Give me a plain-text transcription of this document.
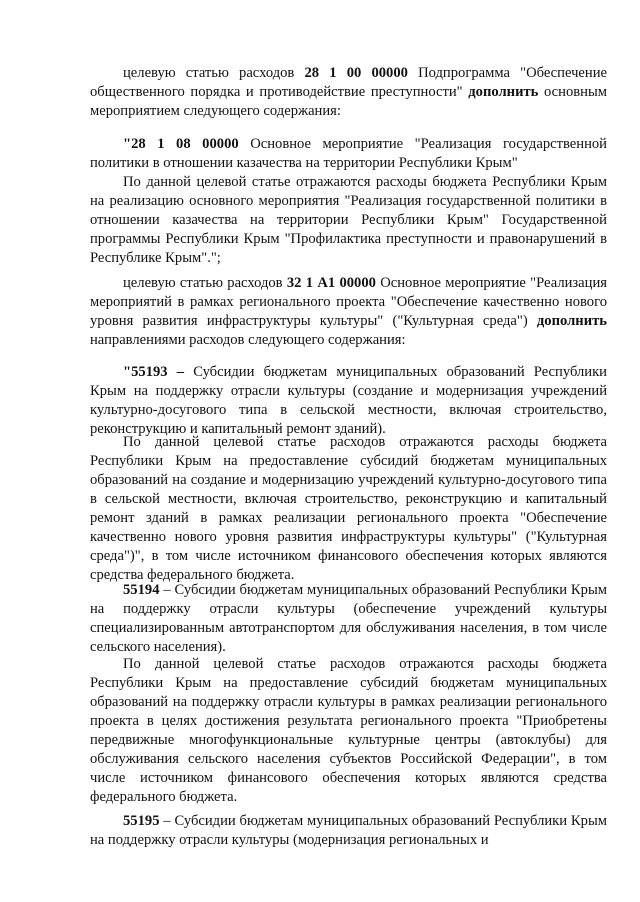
целевую статью расходов 28 1 00 00000 Подпрограмма "Обеспечение общественного порядка и противодействие преступности" дополнить основным мероприятием следующего содержания:

"28 1 08 00000 Основное мероприятие "Реализация государственной политики в отношении казачества на территории Республики Крым"

По данной целевой статье отражаются расходы бюджета Республики Крым на реализацию основного мероприятия "Реализация государственной политики в отношении казачества на территории Республики Крым" Государственной программы Республики Крым "Профилактика преступности и правонарушений в Республике Крым".";

целевую статью расходов 32 1 А1 00000 Основное мероприятие "Реализация мероприятий в рамках регионального проекта "Обеспечение качественно нового уровня развития инфраструктуры культуры" ("Культурная среда") дополнить направлениями расходов следующего содержания:

"55193 – Субсидии бюджетам муниципальных образований Республики Крым на поддержку отрасли культуры (создание и модернизация учреждений культурно-досугового типа в сельской местности, включая строительство, реконструкцию и капитальный ремонт зданий).

По данной целевой статье расходов отражаются расходы бюджета Республики Крым на предоставление субсидий бюджетам муниципальных образований на создание и модернизацию учреждений культурно-досугового типа в сельской местности, включая строительство, реконструкцию и капитальный ремонт зданий в рамках реализации регионального проекта "Обеспечение качественно нового уровня развития инфраструктуры культуры" ("Культурная среда")", в том числе источником финансового обеспечения которых являются средства федерального бюджета.

55194 – Субсидии бюджетам муниципальных образований Республики Крым на поддержку отрасли культуры (обеспечение учреждений культуры специализированным автотранспортом для обслуживания населения, в том числе сельского населения).

По данной целевой статье расходов отражаются расходы бюджета Республики Крым на предоставление субсидий бюджетам муниципальных образований на поддержку отрасли культуры в рамках реализации регионального проекта в целях достижения результата регионального проекта "Приобретены передвижные многофункциональные культурные центры (автоклубы) для обслуживания сельского населения субъектов Российской Федерации", в том числе источником финансового обеспечения которых являются средства федерального бюджета.

55195 – Субсидии бюджетам муниципальных образований Республики Крым на поддержку отрасли культуры (модернизация региональных и
